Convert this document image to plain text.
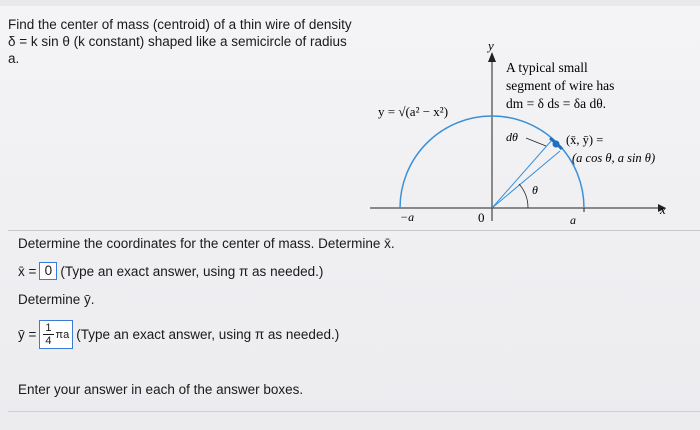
Find the center of mass (centroid) of a thin wire of density
δ = k sin θ (k constant) shaped like a semicircle of radius
a.
x
y
θ
−a	0	a
y = √(a² − x²)
A typical small
segment of wire has
dm = δ ds = δa dθ.
dθ	(x̄, ȳ) =
(a cos θ, a sin θ)
Determine the coordinates for the center of mass. Determine x̄.
x̄ = 0 (Type an exact answer, using π as needed.)
Determine ȳ.
ȳ = $\frac{1}{4}$ πa (Type an exact answer, using π as needed.)
Enter your answer in each of the answer boxes.
